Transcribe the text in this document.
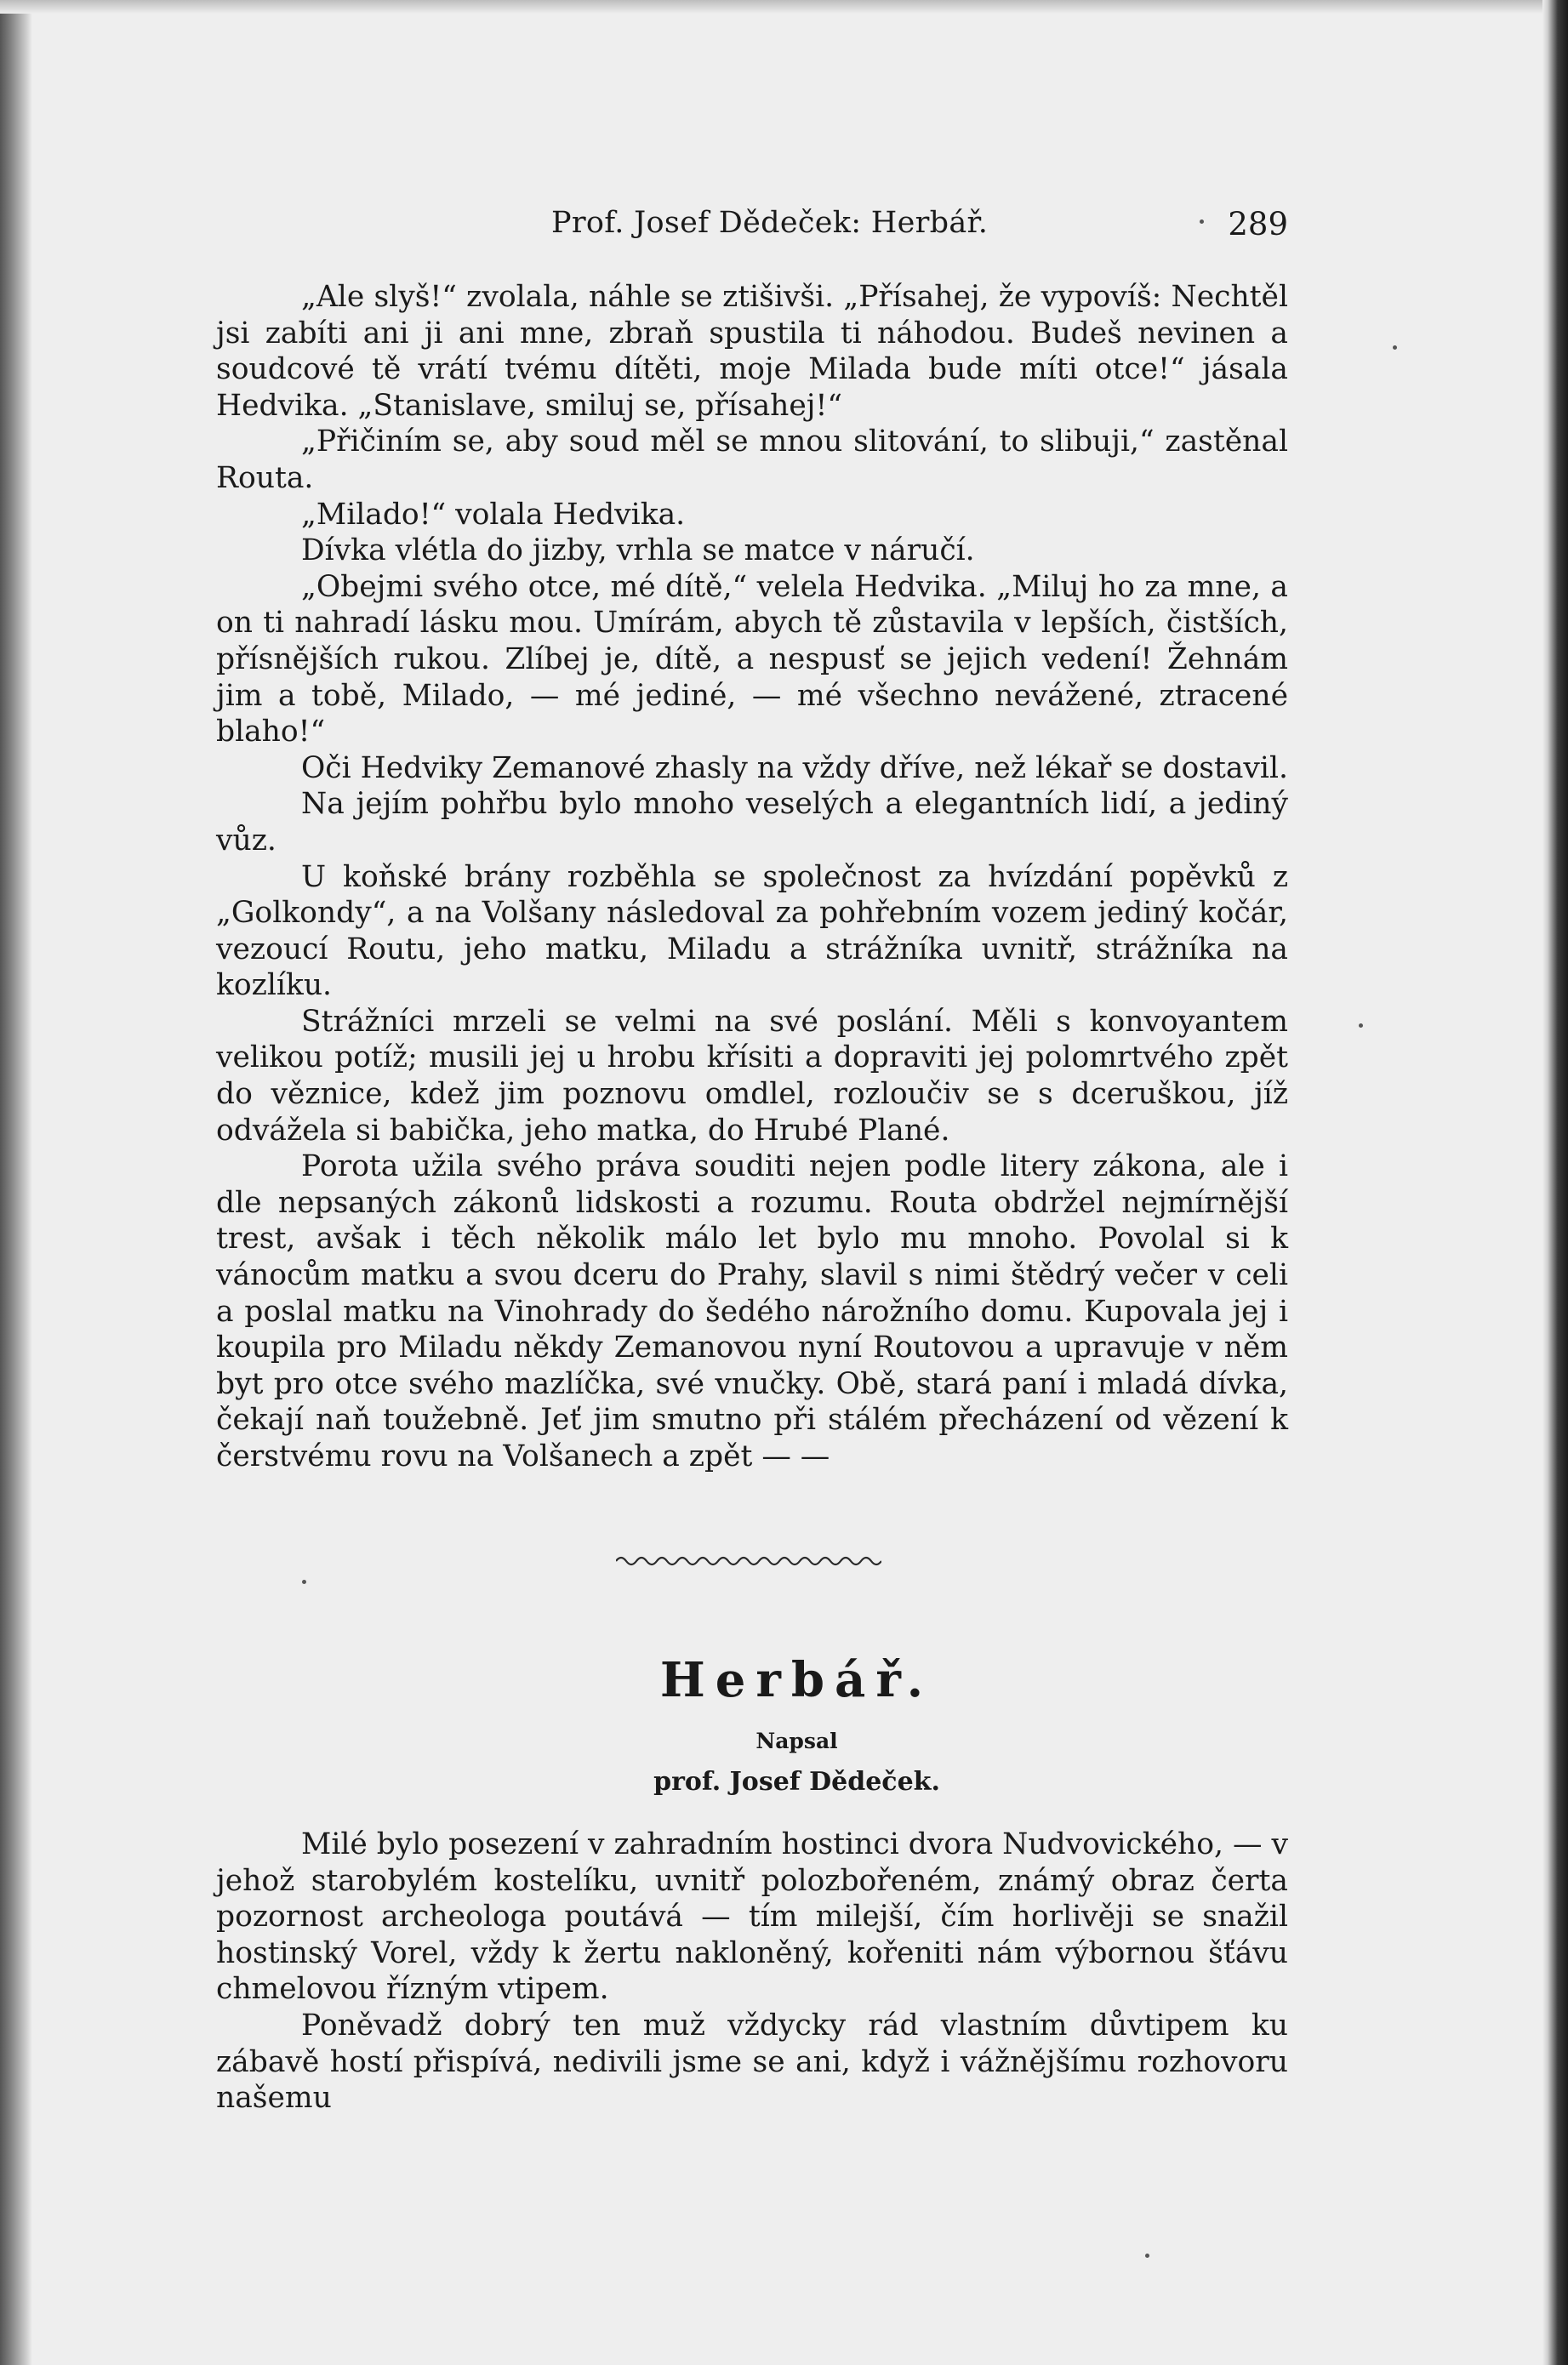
Prof. Josef Dědeček: Herbář.	289

„Ale slyš!“ zvolala, náhle se ztišivši. „Přísahej, že vypovíš: Nechtěl jsi zabíti ani ji ani mne, zbraň spustila ti náhodou. Budeš nevinen a soudcové tě vrátí tvému dítěti, moje Milada bude míti otce!“ jásala Hedvika. „Stanislave, smiluj se, přísahej!“

„Přičiním se, aby soud měl se mnou slitování, to slibuji,“ zastěnal Routa.

„Milado!“ volala Hedvika.

Dívka vlétla do jizby, vrhla se matce v náručí.

„Obejmi svého otce, mé dítě,“ velela Hedvika. „Miluj ho za mne, a on ti nahradí lásku mou. Umírám, abych tě zůstavila v lepších, čistších, přísnějších rukou. Zlíbej je, dítě, a nespusť se jejich vedení! Žehnám jim a tobě, Milado, — mé jediné, — mé všechno nevážené, ztracené blaho!“

Oči Hedviky Zemanové zhasly na vždy dříve, než lékař se dostavil.

Na jejím pohřbu bylo mnoho veselých a elegantních lidí, a jediný vůz.

U koňské brány rozběhla se společnost za hvízdání popěvků z „Golkondy“, a na Volšany následoval za pohřebním vozem jediný kočár, vezoucí Routu, jeho matku, Miladu a strážníka uvnitř, strážníka na kozlíku.

Strážníci mrzeli se velmi na své poslání. Měli s konvoyantem velikou potíž; musili jej u hrobu křísiti a dopraviti jej polomrtvého zpět do věznice, kdež jim poznovu omdlel, rozloučiv se s dceruškou, jíž odvážela si babička, jeho matka, do Hrubé Plané.

Porota užila svého práva souditi nejen podle litery zákona, ale i dle nepsaných zákonů lidskosti a rozumu. Routa obdržel nejmírnější trest, avšak i těch několik málo let bylo mu mnoho. Povolal si k vánocům matku a svou dceru do Prahy, slavil s nimi štědrý večer v celi a poslal matku na Vinohrady do šedého nárožního domu. Kupovala jej i koupila pro Miladu někdy Zemanovou nyní Routovou a upravuje v něm byt pro otce svého mazlíčka, své vnučky. Obě, stará paní i mladá dívka, čekají naň toužebně. Jeť jim smutno při stálém přecházení od vězení k čerstvému rovu na Volšanech a zpět — —

Herbář.
Napsal
prof. Josef Dědeček.

Milé bylo posezení v zahradním hostinci dvora Nudvovického, — v jehož starobylém kostelíku, uvnitř polozbořeném, známý obraz čerta pozornost archeologa poutává — tím milejší, čím horlivěji se snažil hostinský Vorel, vždy k žertu nakloněný, kořeniti nám výbornou šťávu chmelovou řízným vtipem.

Poněvadž dobrý ten muž vždycky rád vlastním důvtipem ku zábavě hostí přispívá, nedivili jsme se ani, když i vážnějšímu rozhovoru našemu
